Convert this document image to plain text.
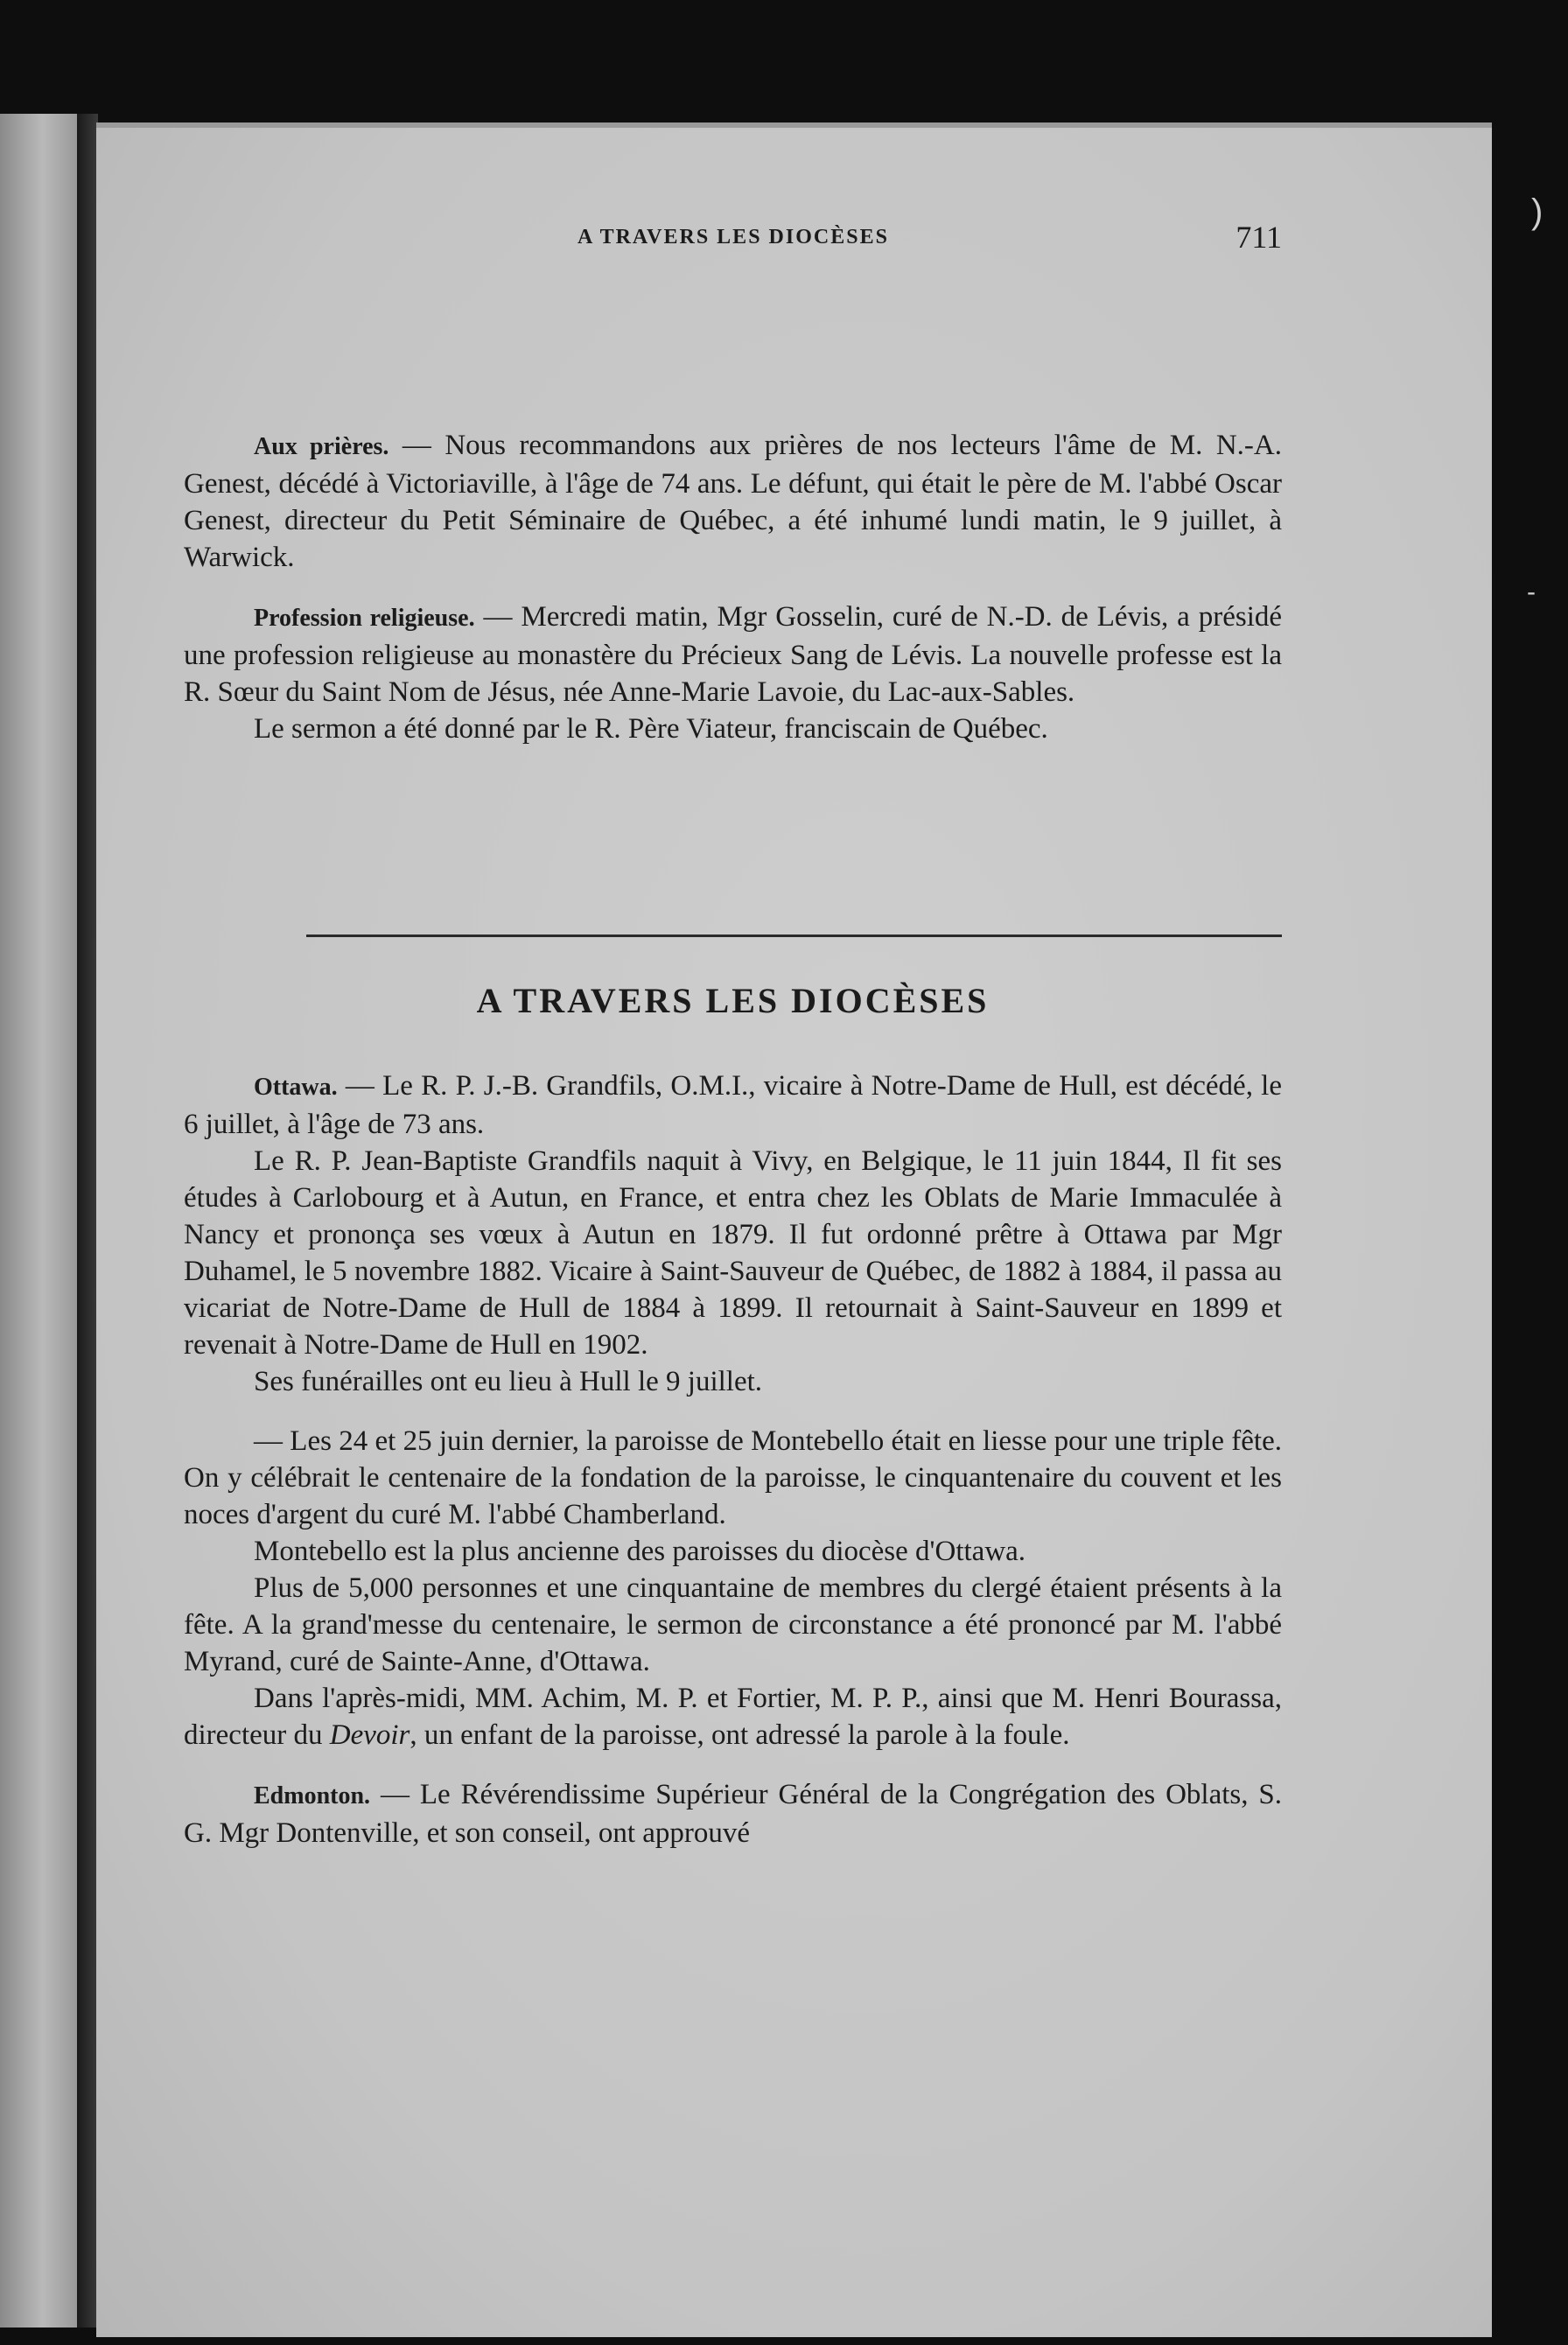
A TRAVERS LES DIOCÈSES	711

Aux prières. — Nous recommandons aux prières de nos lecteurs l'âme de M. N.-A. Genest, décédé à Victoriaville, à l'âge de 74 ans. Le défunt, qui était le père de M. l'abbé Oscar Genest, directeur du Petit Séminaire de Québec, a été inhumé lundi matin, le 9 juillet, à Warwick.

Profession religieuse. — Mercredi matin, Mgr Gosselin, curé de N.-D. de Lévis, a présidé une profession religieuse au monastère du Précieux Sang de Lévis. La nouvelle professe est la R. Sœur du Saint Nom de Jésus, née Anne-Marie Lavoie, du Lac-aux-Sables.

Le sermon a été donné par le R. Père Viateur, franciscain de Québec.

A TRAVERS LES DIOCÈSES

Ottawa. — Le R. P. J.-B. Grandfils, O.M.I., vicaire à Notre-Dame de Hull, est décédé, le 6 juillet, à l'âge de 73 ans.

Le R. P. Jean-Baptiste Grandfils naquit à Vivy, en Belgique, le 11 juin 1844, Il fit ses études à Carlobourg et à Autun, en France, et entra chez les Oblats de Marie Immaculée à Nancy et prononça ses vœux à Autun en 1879. Il fut ordonné prêtre à Ottawa par Mgr Duhamel, le 5 novembre 1882. Vicaire à Saint-Sauveur de Québec, de 1882 à 1884, il passa au vicariat de Notre-Dame de Hull de 1884 à 1899. Il retournait à Saint-Sauveur en 1899 et revenait à Notre-Dame de Hull en 1902.

Ses funérailles ont eu lieu à Hull le 9 juillet.

— Les 24 et 25 juin dernier, la paroisse de Montebello était en liesse pour une triple fête. On y célébrait le centenaire de la fondation de la paroisse, le cinquantenaire du couvent et les noces d'argent du curé M. l'abbé Chamberland.

Montebello est la plus ancienne des paroisses du diocèse d'Ottawa.

Plus de 5,000 personnes et une cinquantaine de membres du clergé étaient présents à la fête. A la grand'messe du centenaire, le sermon de circonstance a été prononcé par M. l'abbé Myrand, curé de Sainte-Anne, d'Ottawa.

Dans l'après-midi, MM. Achim, M. P. et Fortier, M. P. P., ainsi que M. Henri Bourassa, directeur du Devoir, un enfant de la paroisse, ont adressé la parole à la foule.

Edmonton. — Le Révérendissime Supérieur Général de la Congrégation des Oblats, S. G. Mgr Dontenville, et son conseil, ont approuvé

)
-
